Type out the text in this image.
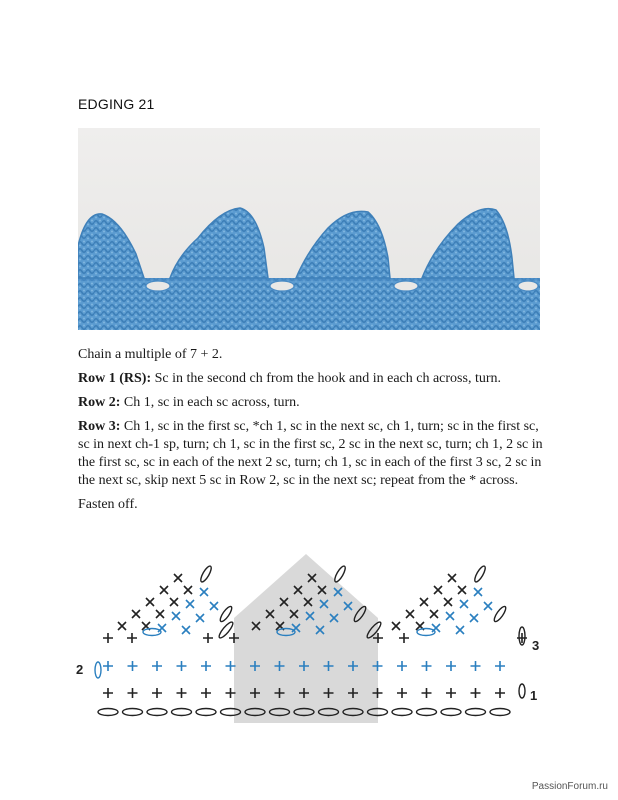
EDGING 21

Chain a multiple of 7 + 2.

Row 1 (RS): Sc in the second ch from the hook and in each ch across, turn.

Row 2: Ch 1, sc in each sc across, turn.

Row 3: Ch 1, sc in the first sc, *ch 1, sc in the next sc, ch 1, turn; sc in the first sc, sc in next ch-1 sp, turn; ch 1, sc in the first sc, 2 sc in the next sc, turn; ch 1, 2 sc in the first sc, sc in each of the next 2 sc, turn; ch 1, sc in each of the first 3 sc, 2 sc in the next sc, skip next 5 sc in Row 2, sc in the next sc; repeat from the * across.

Fasten off.

2
3
1
PassionForum.ru
